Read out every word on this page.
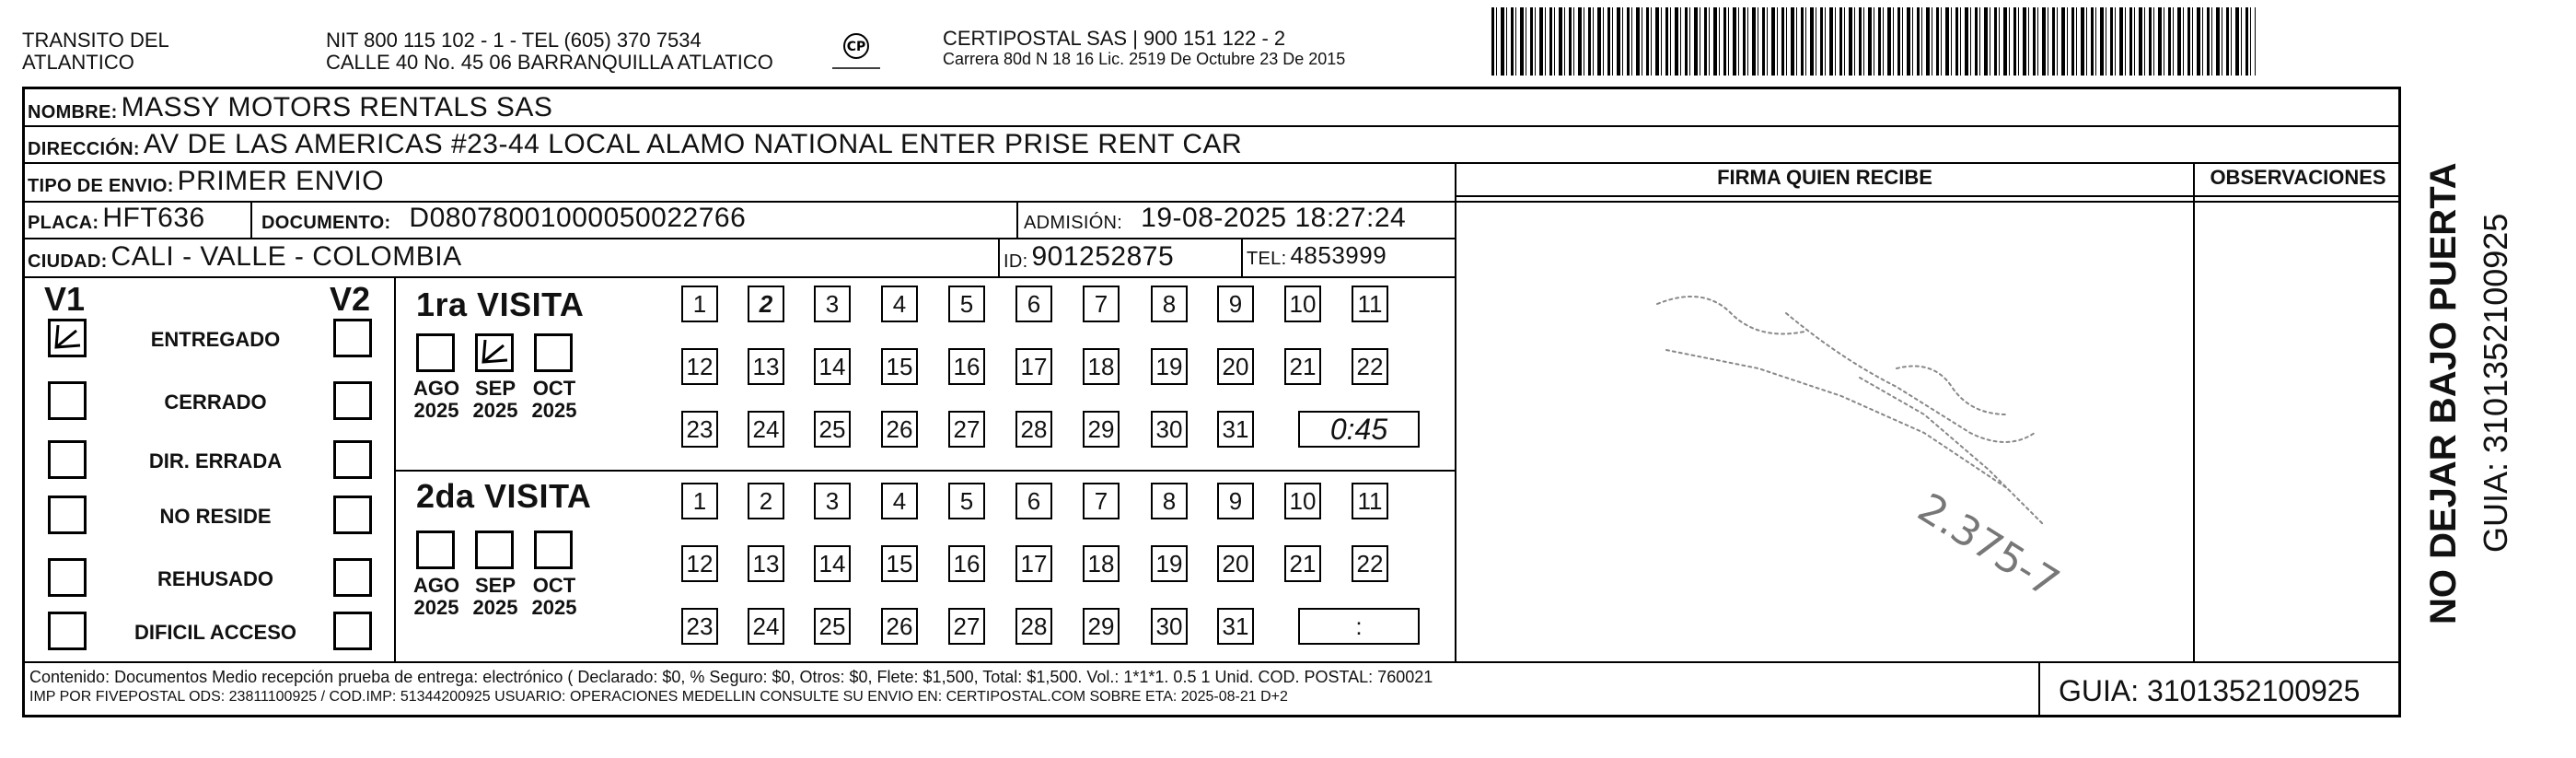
TRANSITO DEL
ATLANTICO
NIT 800 115 102 - 1 - TEL (605) 370 7534
CALLE 40 No. 45 06 BARRANQUILLA ATLATICO
CP	CERTIPOSTAL SAS | 900 151 122 - 2
Carrera 80d N 18 16 Lic. 2519 De Octubre 23 De 2015
NOMBRE: MASSY MOTORS RENTALS SAS
DIRECCIÓN: AV DE LAS AMERICAS #23-44 LOCAL ALAMO NATIONAL ENTER PRISE RENT CAR
TIPO DE ENVIO: PRIMER ENVIO
PLACA: HFT636	DOCUMENTO: D08078001000050022766	ADMISIÓN: 19-08-2025 18:27:24
CIUDAD: CALI - VALLE - COLOMBIA	ID: 901252875	TEL: 4853999
FIRMA QUIEN RECIBE	OBSERVACIONES
2.375-7
V1	V2
ENTREGADO
CERRADO
DIR. ERRADA
NO RESIDE
REHUSADO
DIFICIL ACCESO
1ra VISITA
2da VISITA
1	2	3	4	5	6	7	8	9	10 11
12 13 14 15 16 17 18 19 20 21 22
23 24 25 26 27 28 29 30 31	0:45
AGO
2025
SEP
2025
OCT
2025
1	2	3	4	5	6	7	8	9	10 11
12 13 14 15 16 17 18 19 20 21 22
23 24 25 26 27 28 29 30 31	:
AGO
2025
SEP
2025
OCT
2025
Contenido: Documentos Medio recepción prueba de entrega: electrónico ( Declarado: $0, % Seguro: $0, Otros: $0, Flete: $1,500, Total: $1,500. Vol.: 1*1*1. 0.5 1 Unid. COD. POSTAL: 760021
IMP POR FIVEPOSTAL ODS: 23811100925 / COD.IMP: 51344200925 USUARIO: OPERACIONES MEDELLIN CONSULTE SU ENVIO EN: CERTIPOSTAL.COM SOBRE ETA: 2025-08-21 D+2	GUIA: 3101352100925
NO DEJAR BAJO PUERTA GUIA: 3101352100925
